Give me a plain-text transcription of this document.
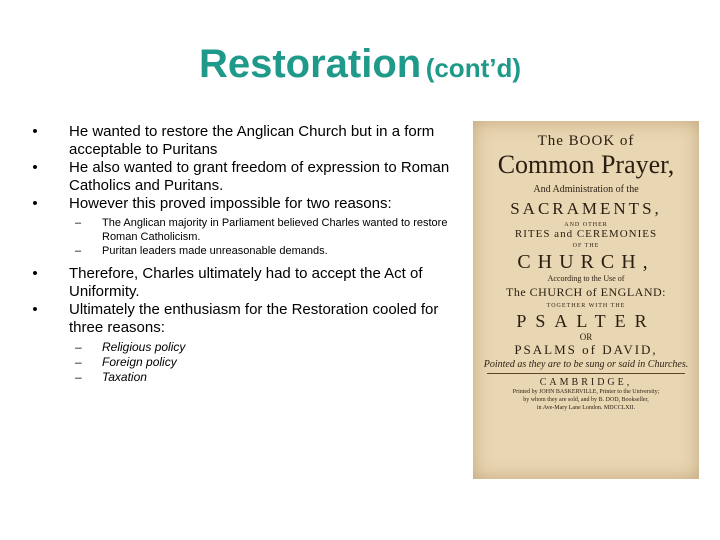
Restoration (cont’d)
• He wanted to restore the Anglican Church but in a form acceptable to Puritans
• He also wanted to grant freedom of expression to Roman Catholics and Puritans.
• However this proved impossible for two reasons:
– The Anglican majority in Parliament believed Charles wanted to restore Roman Catholicism.
– Puritan leaders made unreasonable demands.
• Therefore, Charles ultimately had to accept the Act of Uniformity.
• Ultimately the enthusiasm for the Restoration cooled for three reasons:
– Religious policy
– Foreign policy
– Taxation
The BOOK of
Common Prayer,
And Administration of the
SACRAMENTS,
AND OTHER
RITES and CEREMONIES
OF THE
CHURCH,
According to the Use of
The CHURCH of ENGLAND:
TOGETHER WITH THE
PSALTER
OR
PSALMS of DAVID,
Pointed as they are to be sung or said in Churches.
CAMBRIDGE,
Printed by JOHN BASKERVILLE, Printer to the University;
by whom they are sold, and by B. DOD, Bookseller,
in Ave-Mary Lane London. MDCCLXII.
